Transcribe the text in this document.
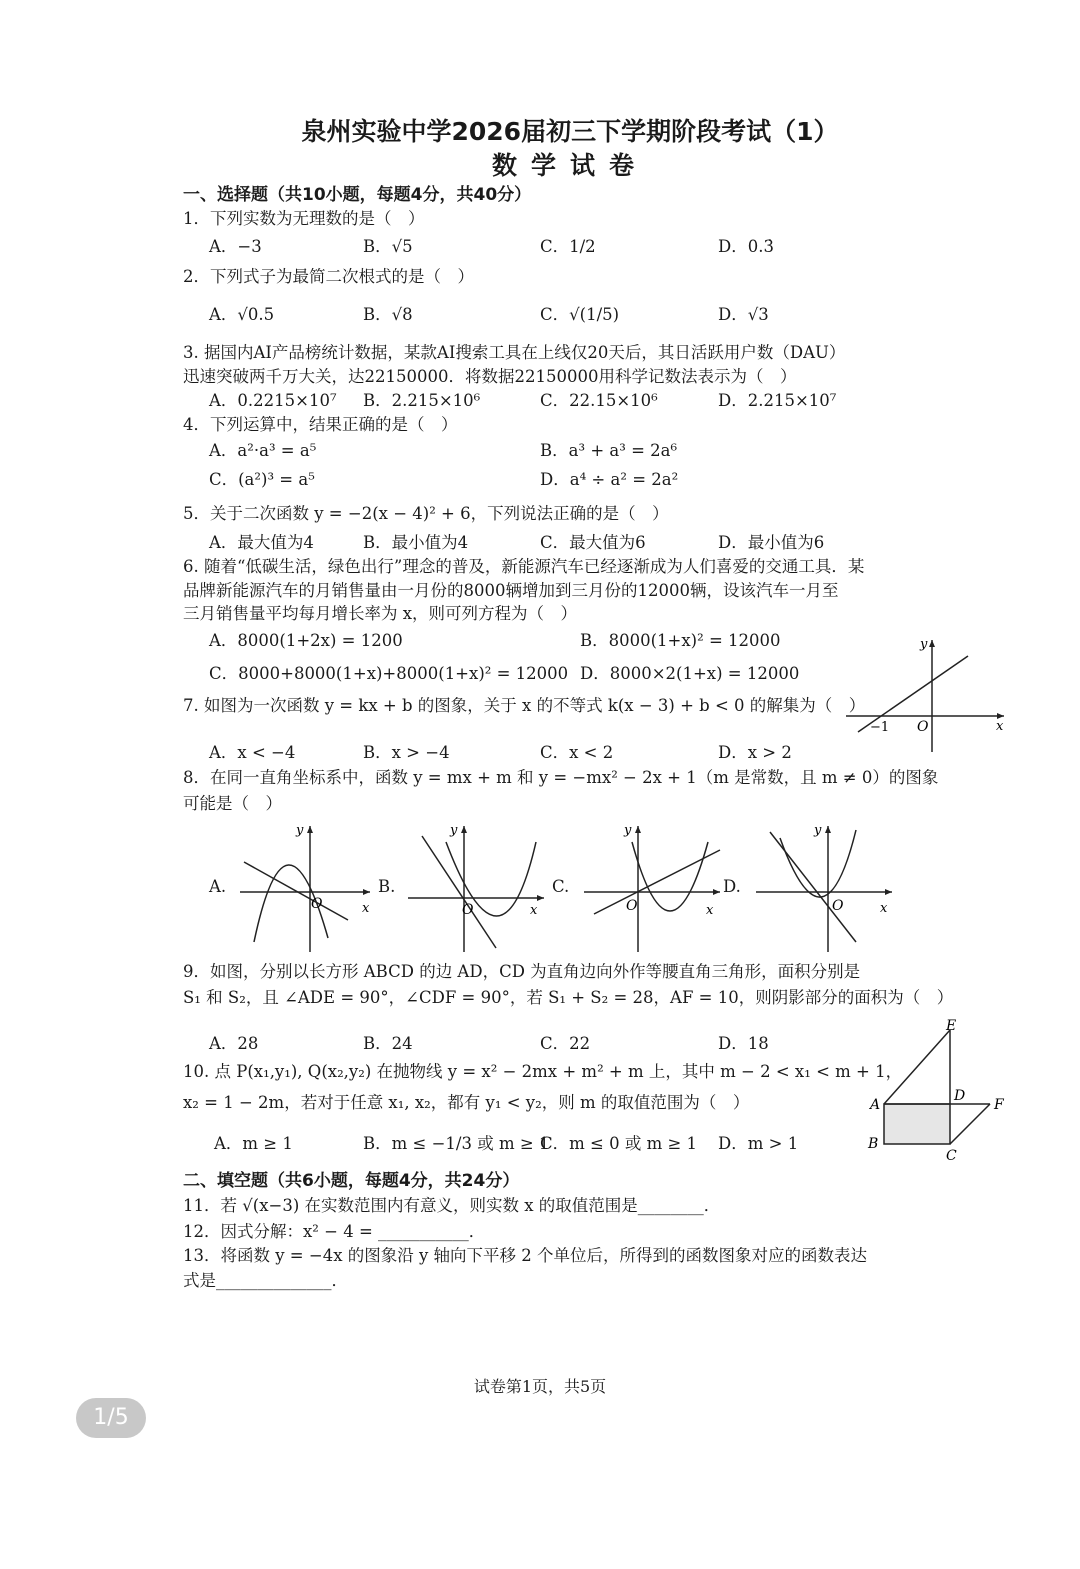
泉州实验中学2026届初三下学期阶段考试（1）
数学试卷
一、选择题（共10小题，每题4分，共40分）
1．下列实数为无理数的是（　）
A．−3	B．√5	C．1/2	D．0.3̇
2．下列式子为最简二次根式的是（　）
A．√0.5	B．√8	C．√(1/5)	D．√3
3. 据国内AI产品榜统计数据，某款AI搜索工具在上线仅20天后，其日活跃用户数（DAU）
迅速突破两千万大关，达22150000．将数据22150000用科学记数法表示为（　）
A．0.2215×10⁷ B．2.215×10⁶	C．22.15×10⁶	D．2.215×10⁷
4．下列运算中，结果正确的是（　）
A．a²·a³ = a⁵	B．a³ + a³ = 2a⁶
C．(a²)³ = a⁵	D．a⁴ ÷ a² = 2a²
5．关于二次函数 y = −2(x − 4)² + 6，下列说法正确的是（　）
A．最大值为4	B．最小值为4	C．最大值为6	D．最小值为6
6. 随着“低碳生活，绿色出行”理念的普及，新能源汽车已经逐渐成为人们喜爱的交通工具．某
品牌新能源汽车的月销售量由一月份的8000辆增加到三月份的12000辆，设该汽车一月至
三月销售量平均每月增长率为 x，则可列方程为（　）
A．8000(1+2x) = 1200	B．8000(1+x)² = 12000
C．8000+8000(1+x)+8000(1+x)² = 12000 D．8000×2(1+x) = 12000
7. 如图为一次函数 y = kx + b 的图象，关于 x 的不等式 k(x − 3) + b < 0 的解集为（　）
A．x < −4	B．x > −4	C．x < 2	D．x > 2
y
x
O
−1
8．在同一直角坐标系中，函数 y = mx + m 和 y = −mx² − 2x + 1（m 是常数，且 m ≠ 0）的图象
可能是（　）
A.	B.	C.	D.
y
x
O
y
x
O
y
x
O
y
x
O
9．如图，分别以长方形 ABCD 的边 AD，CD 为直角边向外作等腰直角三角形，面积分别是
S₁ 和 S₂，且 ∠ADE = 90°，∠CDF = 90°，若 S₁ + S₂ = 28，AF = 10，则阴影部分的面积为（　）
A．28	B．24	C．22	D．18
E
A
D
F
B
C
10. 点 P(x₁,y₁), Q(x₂,y₂) 在抛物线 y = x² − 2mx + m² + m 上，其中 m − 2 < x₁ < m + 1，
x₂ = 1 − 2m，若对于任意 x₁, x₂，都有 y₁ < y₂，则 m 的取值范围为（　）
A．m ≥ 1	B．m ≤ −1/3 或 m ≥ 1
C．m ≤ 0 或 m ≥ 1 D．m > 1
二、填空题（共6小题，每题4分，共24分）
11．若 √(x−3) 在实数范围内有意义，则实数 x 的取值范围是________．
12．因式分解：x² − 4 = ___________．
13．将函数 y = −4x 的图象沿 y 轴向下平移 2 个单位后，所得到的函数图象对应的函数表达
式是______________．
试卷第1页，共5页
1/5
